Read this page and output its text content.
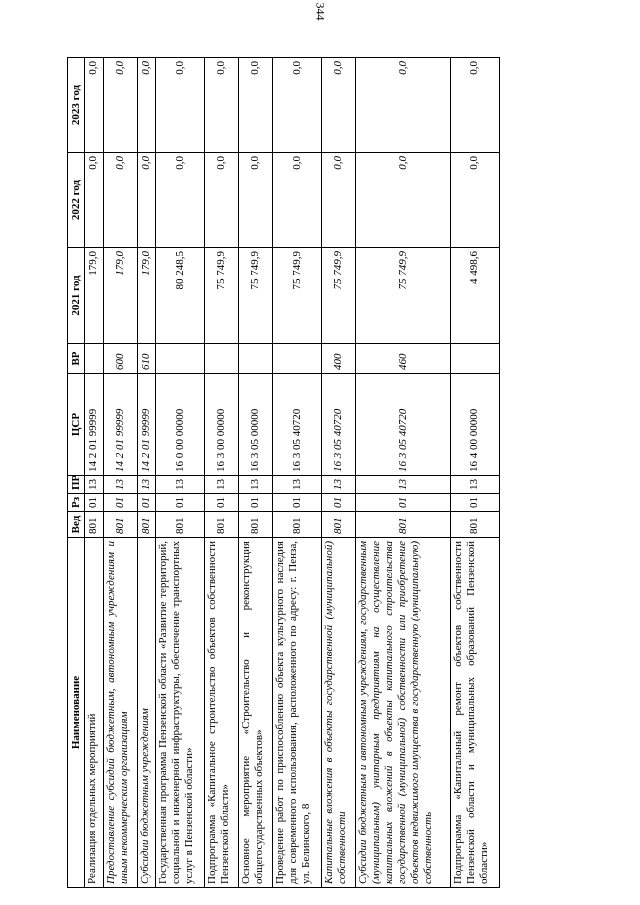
344
Наименование	Вед	Рз	ПР	ЦСР	ВР	2021 год	2022 год	2023 год
Реализация отдельных мероприятий	801	01	13	14 2 01 99999		179,0	0,0	0,0
Предоставление субсидий бюджетным, автономным учреждениям и иным некоммерческим организациям	801	01	13	14 2 01 99999	600	179,0	0,0	0,0
Субсидии бюджетным учреждениям	801	01	13	14 2 01 99999	610	179,0	0,0	0,0
Государственная программа Пензенской области «Развитие территорий, социальной и инженерной инфраструктуры, обеспечение транспортных услуг в Пензенской области»	801	01	13	16 0 00 00000		80 248,5	0,0	0,0
Подпрограмма «Капитальное строительство объектов собственности Пензенской области»	801	01	13	16 3 00 00000		75 749,9	0,0	0,0
Основное мероприятие «Строительство и реконструкция общегосударственных объектов»	801	01	13	16 3 05 00000		75 749,9	0,0	0,0
Проведение работ по приспособлению объекта культурного наследия для современного использования, расположенного по адресу: г. Пенза, ул. Белинского, 8	801	01	13	16 3 05 40720		75 749,9	0,0	0,0
Капитальные вложения в объекты государственной (муниципальной) собственности	801	01	13	16 3 05 40720	400	75 749,9	0,0	0,0
Субсидии бюджетным и автономным учреждениям, государственным (муниципальным) унитарным предприятиям на осуществление капитальных вложений в объекты капитального строительства государственной (муниципальной) собственности или приобретение объектов недвижимого имущества в государственную (муниципальную) собственность	801	01	13	16 3 05 40720	460	75 749,9	0,0	0,0
Подпрограмма «Капитальный ремонт объектов собственности Пензенской области и муниципальных образований Пензенской области»	801	01	13	16 4 00 00000		4 498,6	0,0	0,0
